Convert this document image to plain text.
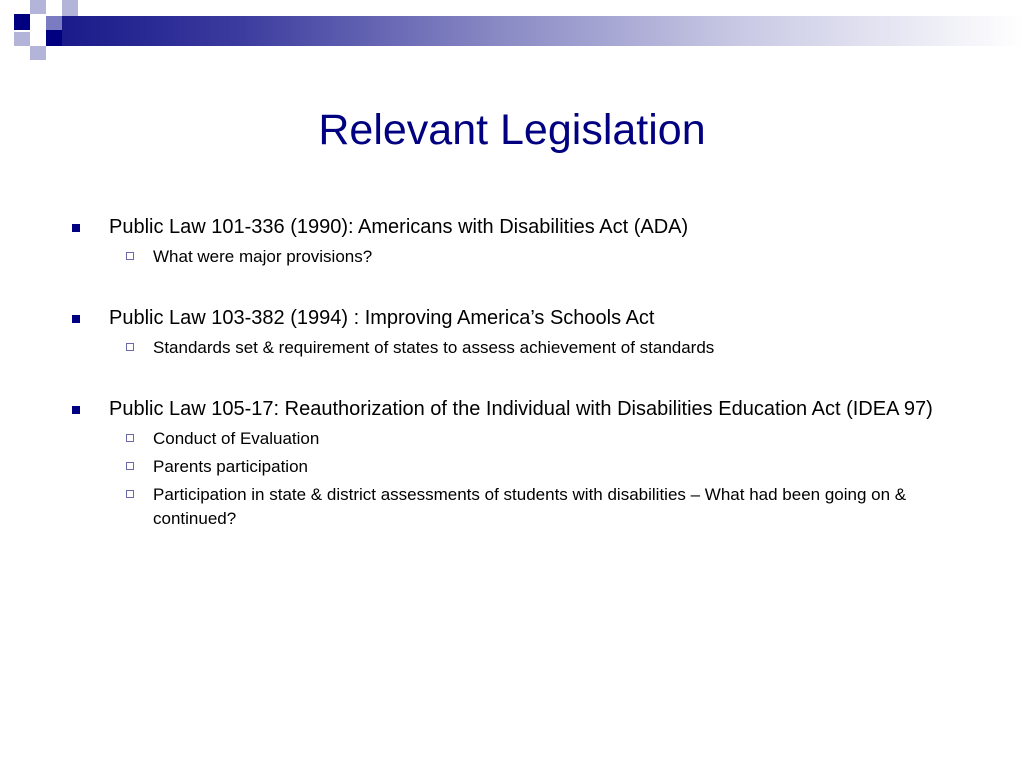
Relevant Legislation
Public Law 101-336 (1990): Americans with Disabilities Act (ADA)
What were major provisions?
Public Law 103-382 (1994) : Improving America’s Schools Act
Standards set & requirement of states to assess achievement of standards
Public Law 105-17: Reauthorization of the Individual with Disabilities Education Act (IDEA 97)
Conduct of Evaluation
Parents participation
Participation in state & district assessments of students with disabilities – What had been going on & continued?
